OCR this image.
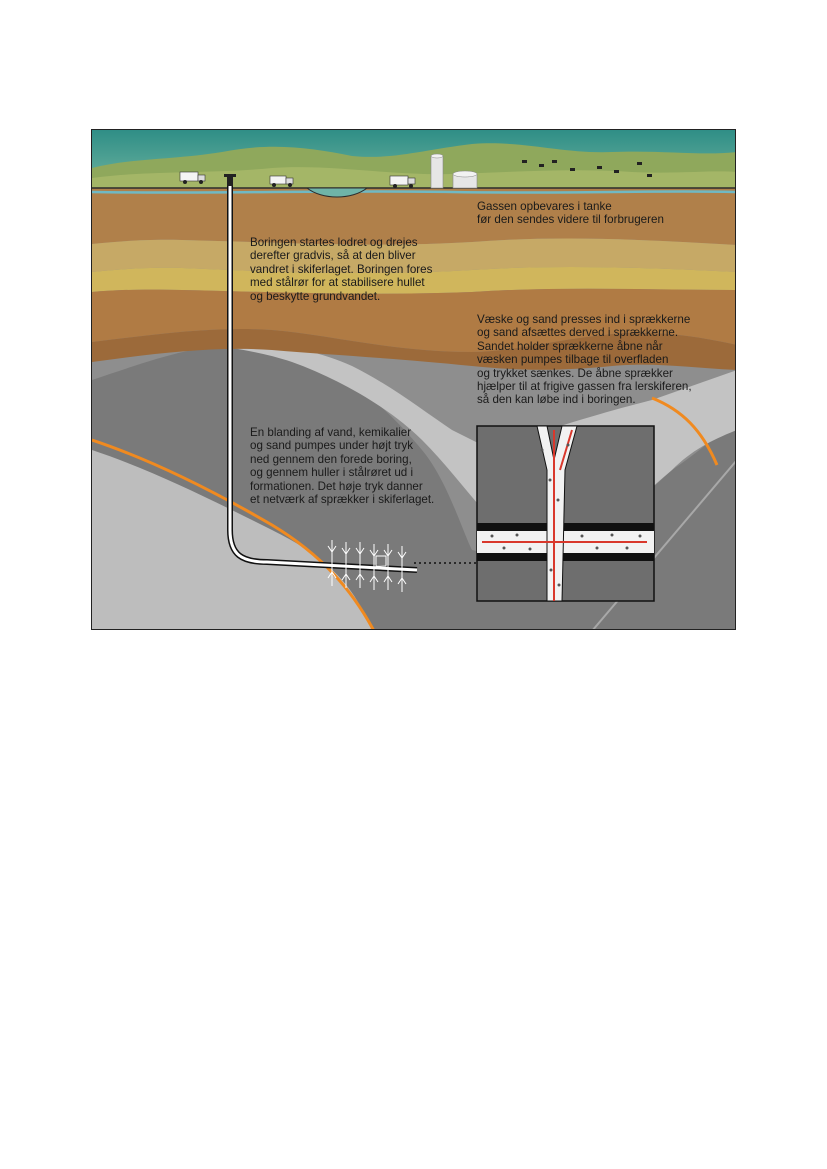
Gassen opbevares i tanke
før den sendes videre til forbrugeren

Boringen startes lodret og drejes
derefter gradvis, så at den bliver
vandret i skiferlaget. Boringen fores
med stålrør for at stabilisere hullet
og beskytte grundvandet.

Væske og sand presses ind i sprækkerne
og sand afsættes derved i sprækkerne.
Sandet holder sprækkerne åbne når
væsken pumpes tilbage til overfladen
og trykket sænkes. De åbne sprækker
hjælper til at frigive gassen fra lerskiferen,
så den kan løbe ind i boringen.

En blanding af vand, kemikalier
og sand pumpes under højt tryk
ned gennem den forede boring,
og gennem huller i stålrøret ud i
formationen. Det høje tryk danner
et netværk af sprækker i skiferlaget.
